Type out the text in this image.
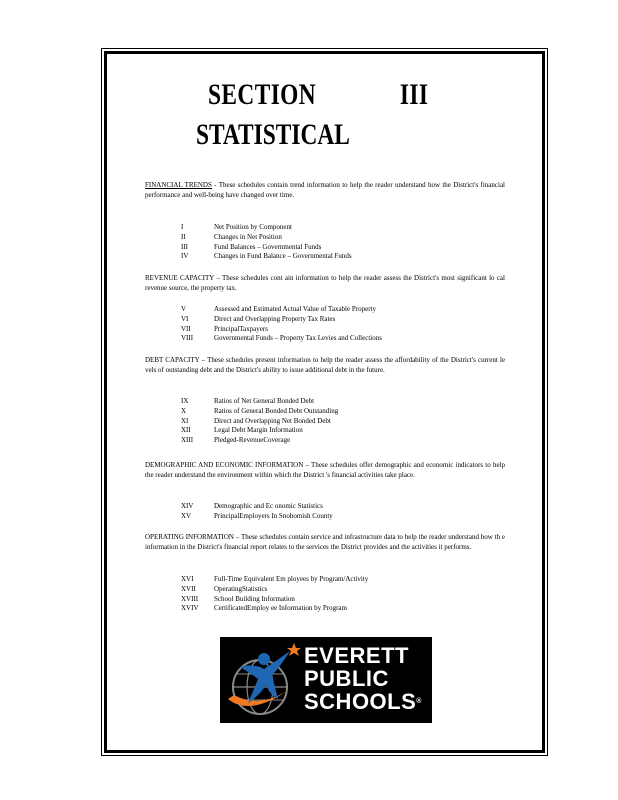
SECTION	III
STATISTICAL
FINANCIAL TRENDS - These schedules contain trend information to help the reader understand how the District's financial performance and well-being have changed over time.
I	Net Position by Component
II	Changes in Net Position
III	Fund Balances – Governmental Funds
IV	Changes in Fund Balance – Governmental Funds
REVENUE CAPACITY – These schedules cont ain information to help the reader assess the District's most significant lo cal revenue source, the property tax.
V	Assessed and Estimated Actual Value of Taxable Property
VI	Direct and Overlapping Property Tax Rates
VII	PrincipalTaxpayers
VIII	Governmental Funds – Property Tax Levies and Collections
DEBT CAPACITY – These schedules present information to help the reader assess the affordability of the District's current le vels of outstanding debt and the District's ability to issue additional debt in the future.
IX	Ratios of Net General Bonded Debt
X	Ratios of General Bonded Debt Outstanding
XI	Direct and Overlapping Net Bonded Debt
XII	Legal Debt Margin Information
XIII	Pledged-RevenueCoverage
DEMOGRAPHIC AND ECONOMIC INFORMATION – These schedules offer demographic and economic indicators to help the reader understand the environment within which the District 's financial activities take place.
XIV	Demographic and Ec onomic Statistics
XV	PrincipalEmployers In Snohomish County
OPERATING INFORMATION – These schedules contain service and infrastructure data to help the reader understand how th e information in the District's financial report relates to the services the District provides and the activities it performs.
XVI	Full-Time Equivalent Em ployees by Program/Activity
XVII	OperatingStatistics
XVIII	School Building Information
XVIV	CertificatedEmploy ee Information by Program
EVERETT
PUBLIC
SCHOOLS®
